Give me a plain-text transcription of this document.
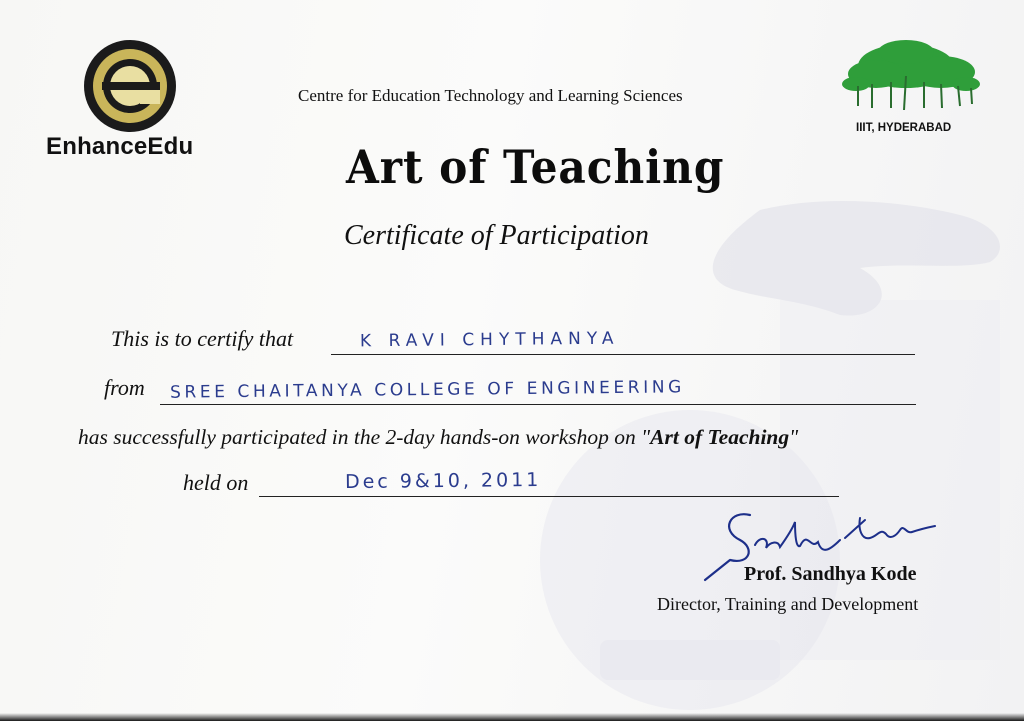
EnhanceEdu
Centre for Education Technology and Learning Sciences
IIIT, HYDERABAD
Art of Teaching
Certificate of Participation
This is to certify that	K RAVI CHYTHANYA
from SREE CHAITANYA COLLEGE OF ENGINEERING
has successfully participated in the 2-day hands-on workshop on "Art of Teaching"
held on	Dec 9&10, 2011
Sandhya Kode
Prof. Sandhya Kode
Director, Training and Development
